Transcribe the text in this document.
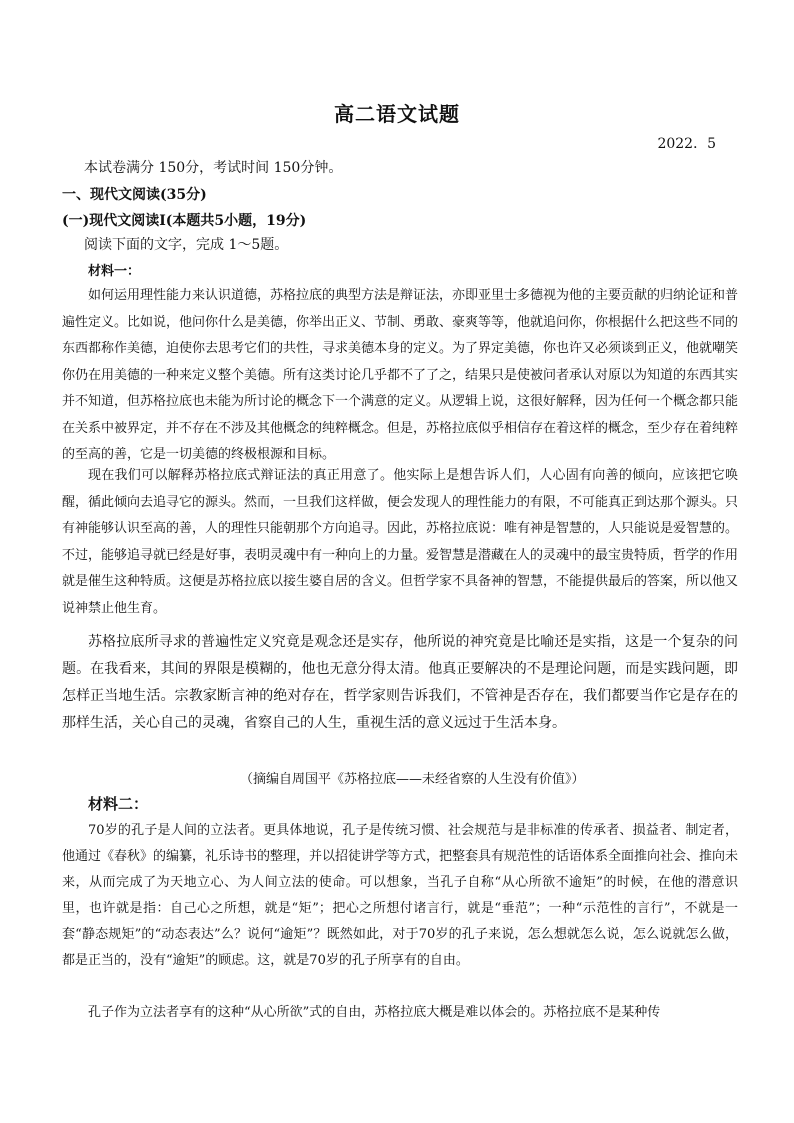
高二语文试题
2022．5
本试卷满分 150分，考试时间 150分钟。
一、现代文阅读(35分)
(一)现代文阅读Ⅰ(本题共5小题，19分)
阅读下面的文字，完成 1～5题。
材料一：

如何运用理性能力来认识道德，苏格拉底的典型方法是辩证法，亦即亚里士多德视为他的主要贡献的归纳论证和普遍性定义。比如说，他问你什么是美德，你举出正义、节制、勇敢、豪爽等等，他就追问你，你根据什么把这些不同的东西都称作美德，迫使你去思考它们的共性，寻求美德本身的定义。为了界定美德，你也许又必须谈到正义，他就嘲笑你仍在用美德的一种来定义整个美德。所有这类讨论几乎都不了了之，结果只是使被问者承认对原以为知道的东西其实并不知道，但苏格拉底也未能为所讨论的概念下一个满意的定义。从逻辑上说，这很好解释，因为任何一个概念都只能在关系中被界定，并不存在不涉及其他概念的纯粹概念。但是，苏格拉底似乎相信存在着这样的概念，至少存在着纯粹的至高的善，它是一切美德的终极根源和目标。

现在我们可以解释苏格拉底式辩证法的真正用意了。他实际上是想告诉人们，人心固有向善的倾向，应该把它唤醒，循此倾向去追寻它的源头。然而，一旦我们这样做，便会发现人的理性能力的有限，不可能真正到达那个源头。只有神能够认识至高的善，人的理性只能朝那个方向追寻。因此，苏格拉底说：唯有神是智慧的，人只能说是爱智慧的。不过，能够追寻就已经是好事，表明灵魂中有一种向上的力量。爱智慧是潜藏在人的灵魂中的最宝贵特质，哲学的作用就是催生这种特质。这便是苏格拉底以接生婆自居的含义。但哲学家不具备神的智慧，不能提供最后的答案，所以他又说神禁止他生育。

苏格拉底所寻求的普遍性定义究竟是观念还是实存，他所说的神究竟是比喻还是实指，这是一个复杂的问题。在我看来，其间的界限是模糊的，他也无意分得太清。他真正要解决的不是理论问题，而是实践问题，即怎样正当地生活。宗教家断言神的绝对存在，哲学家则告诉我们，不管神是否存在，我们都要当作它是存在的那样生活，关心自己的灵魂，省察自己的人生，重视生活的意义远过于生活本身。

（摘编自周国平《苏格拉底——未经省察的人生没有价值》）
材料二：

70岁的孔子是人间的立法者。更具体地说，孔子是传统习惯、社会规范与是非标准的传承者、损益者、制定者，他通过《春秋》的编纂，礼乐诗书的整理，并以招徒讲学等方式，把整套具有规范性的话语体系全面推向社会、推向未来，从而完成了为天地立心、为人间立法的使命。可以想象，当孔子自称“从心所欲不逾矩”的时候，在他的潜意识里，也许就是指：自己心之所想，就是“矩”；把心之所想付诸言行，就是“垂范”；一种“示范性的言行”，不就是一套“静态规矩”的“动态表达”么？说何“逾矩”？既然如此，对于70岁的孔子来说，怎么想就怎么说，怎么说就怎么做，都是正当的，没有“逾矩”的顾虑。这，就是70岁的孔子所享有的自由。

孔子作为立法者享有的这种“从心所欲”式的自由，苏格拉底大概是难以体会的。苏格拉底不是某种传
